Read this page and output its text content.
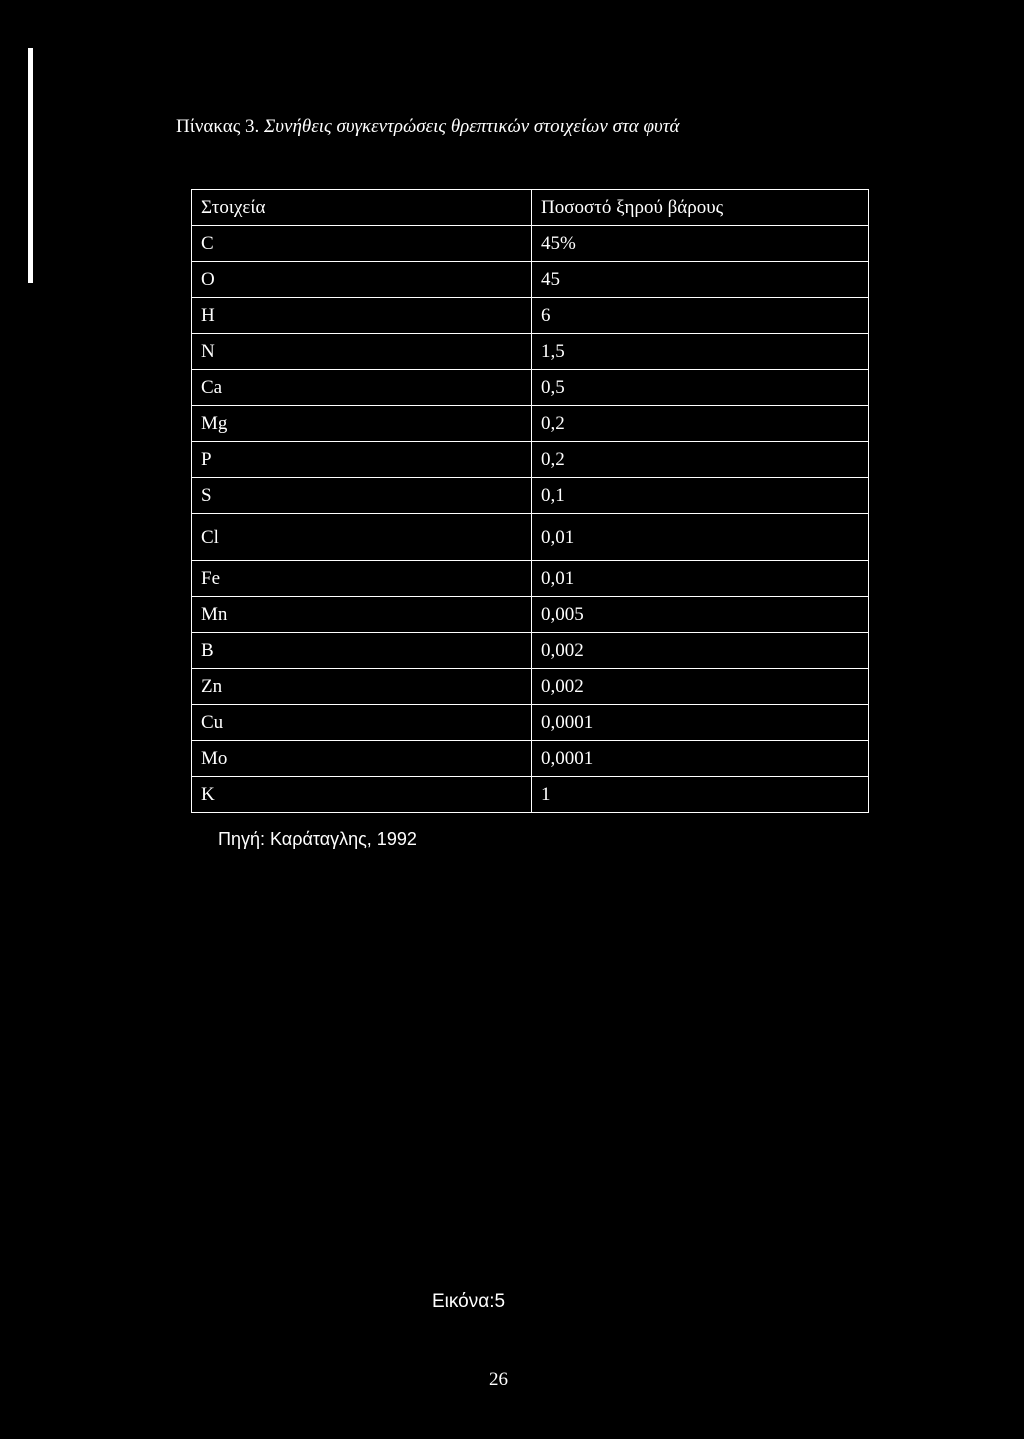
Πίνακας 3. Συνήθεις συγκεντρώσεις θρεπτικών στοιχείων στα φυτά
Στοιχεία	Ποσοστό ξηρού βάρους
C	45%
O	45
H	6
N	1,5
Ca	0,5
Mg	0,2
P	0,2
S	0,1
Cl	0,01
Fe	0,01
Mn	0,005
B	0,002
Zn	0,002
Cu	0,0001
Mo	0,0001
K	1
Πηγή: Καράταγλης, 1992
Εικόνα:5
26
